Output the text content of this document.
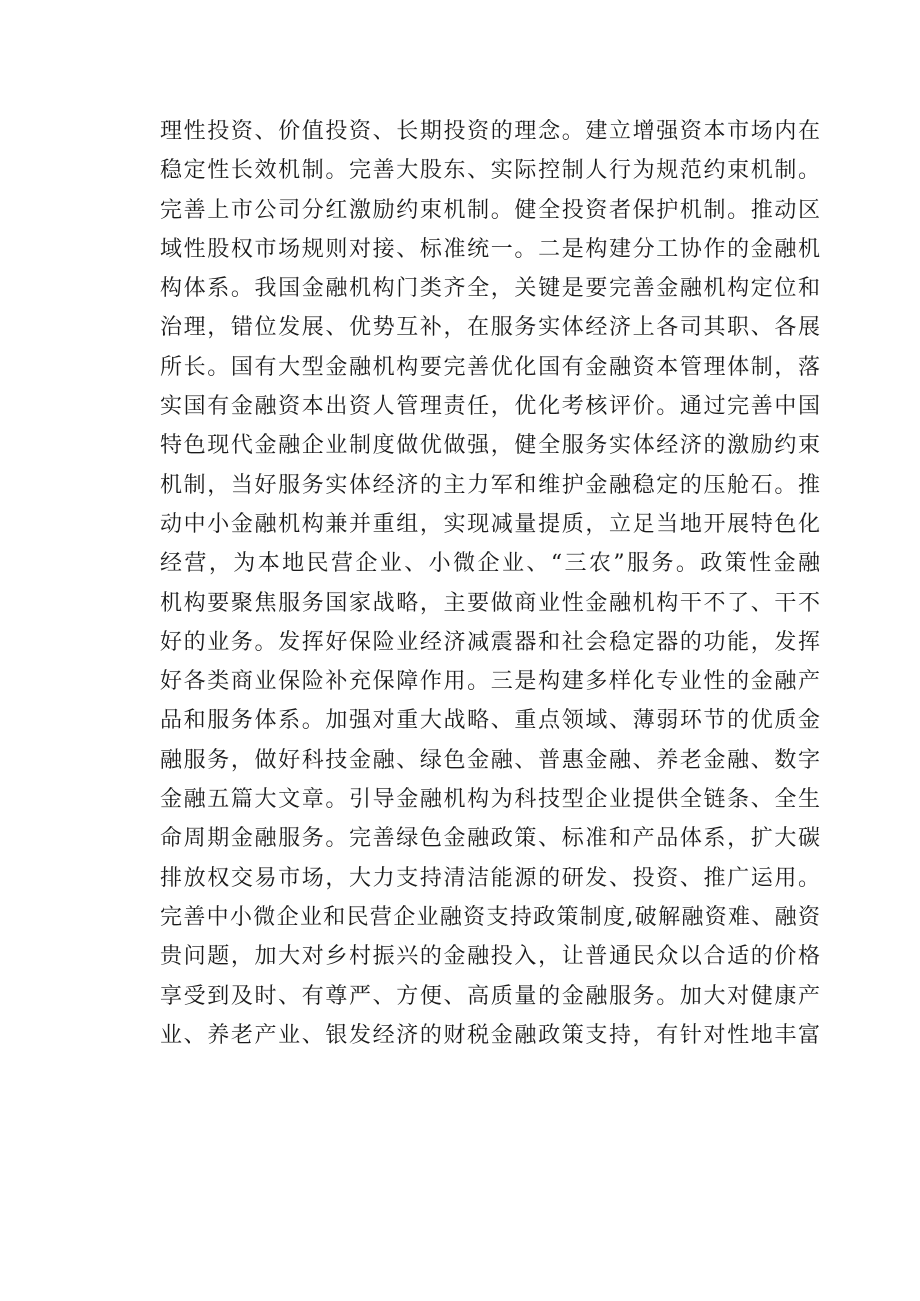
理性投资、价值投资、长期投资的理念。建立增强资本市场内在
稳定性长效机制。完善大股东、实际控制人行为规范约束机制。
完善上市公司分红激励约束机制。健全投资者保护机制。推动区
域性股权市场规则对接、标准统一。二是构建分工协作的金融机
构体系。我国金融机构门类齐全，关键是要完善金融机构定位和
治理，错位发展、优势互补，在服务实体经济上各司其职、各展
所长。国有大型金融机构要完善优化国有金融资本管理体制，落
实国有金融资本出资人管理责任，优化考核评价。通过完善中国
特色现代金融企业制度做优做强，健全服务实体经济的激励约束
机制，当好服务实体经济的主力军和维护金融稳定的压舱石。推
动中小金融机构兼并重组，实现减量提质，立足当地开展特色化
经营，为本地民营企业、小微企业、“三农”服务。政策性金融
机构要聚焦服务国家战略，主要做商业性金融机构干不了、干不
好的业务。发挥好保险业经济减震器和社会稳定器的功能，发挥
好各类商业保险补充保障作用。三是构建多样化专业性的金融产
品和服务体系。加强对重大战略、重点领域、薄弱环节的优质金
融服务，做好科技金融、绿色金融、普惠金融、养老金融、数字
金融五篇大文章。引导金融机构为科技型企业提供全链条、全生
命周期金融服务。完善绿色金融政策、标准和产品体系，扩大碳
排放权交易市场，大力支持清洁能源的研发、投资、推广运用。
完善中小微企业和民营企业融资支持政策制度,破解融资难、融资
贵问题，加大对乡村振兴的金融投入，让普通民众以合适的价格
享受到及时、有尊严、方便、高质量的金融服务。加大对健康产
业、养老产业、银发经济的财税金融政策支持，有针对性地丰富
